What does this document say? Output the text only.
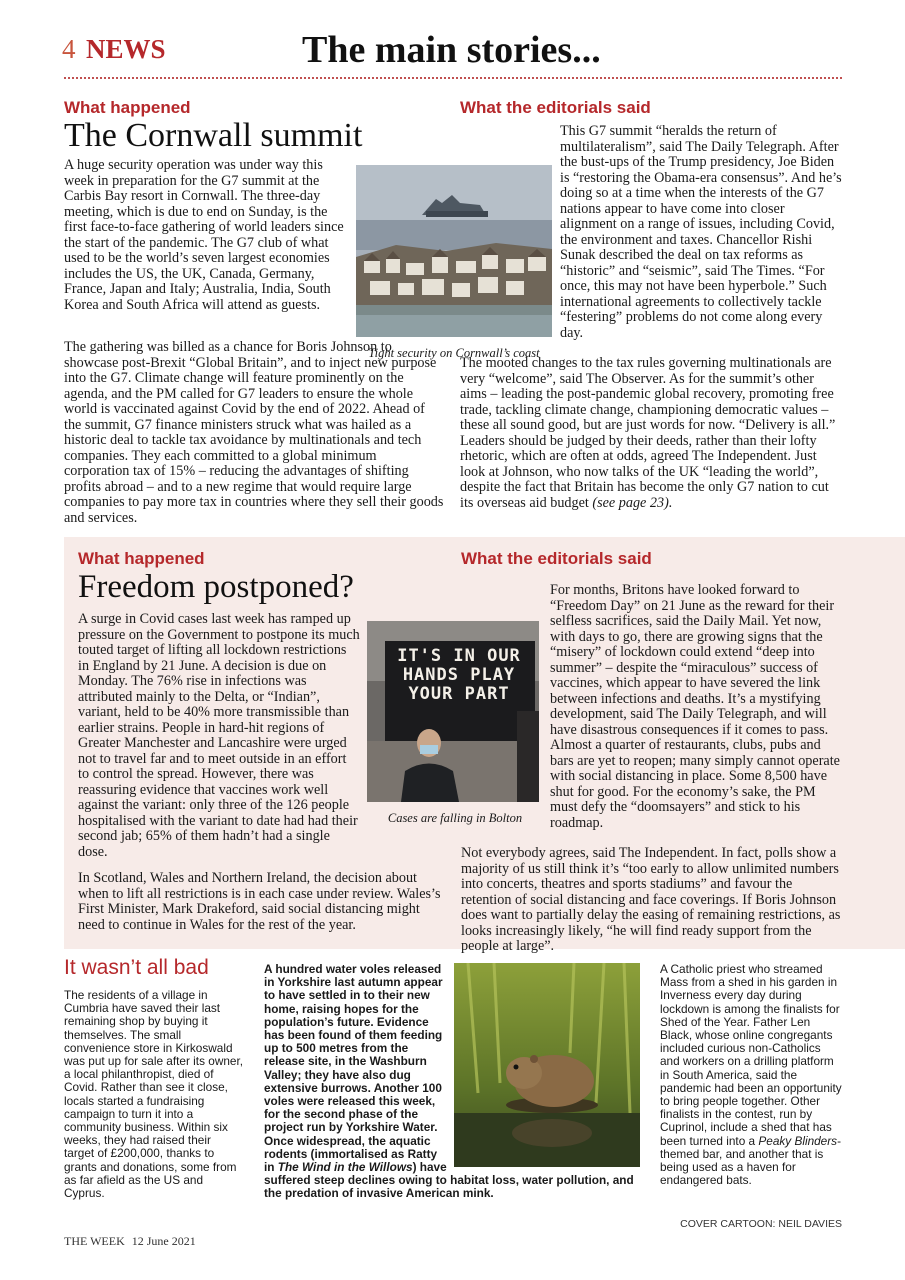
4 NEWS	The main stories...
What happened
The Cornwall summit

A huge security operation was under way this week in preparation for the G7 summit at the Carbis Bay resort in Cornwall. The three-day meeting, which is due to end on Sunday, is the first face-to-face gathering of world leaders since the start of the pandemic. The G7 club of what used to be the world’s seven largest economies includes the US, the UK, Canada, Germany, France, Japan and Italy; Australia, India, South Korea and South Africa will attend as guests.

The gathering was billed as a chance for Boris Johnson to showcase post-Brexit “Global Britain”, and to inject new purpose into the G7. Climate change will feature prominently on the agenda, and the PM called for G7 leaders to ensure the whole world is vaccinated against Covid by the end of 2022. Ahead of the summit, G7 finance ministers struck what was hailed as a historic deal to tackle tax avoidance by multinationals and tech companies. They each committed to a global minimum corporation tax of 15% – reducing the advantages of shifting profits abroad – and to a new regime that would require large companies to pay more tax in countries where they sell their goods and services.

Tight security on Cornwall’s coast
What the editorials said

This G7 summit “heralds the return of multilateralism”, said The Daily Telegraph. After the bust-ups of the Trump presidency, Joe Biden is “restoring the Obama-era consensus”. And he’s doing so at a time when the interests of the G7 nations appear to have come into closer alignment on a range of issues, including Covid, the environment and taxes. Chancellor Rishi Sunak described the deal on tax reforms as “historic” and “seismic”, said The Times. “For once, this may not have been hyperbole.” Such international agreements to collectively tackle “festering” problems do not come along every day.

The mooted changes to the tax rules governing multinationals are very “welcome”, said The Observer. As for the summit’s other aims – leading the post-pandemic global recovery, promoting free trade, tackling climate change, championing democratic values – these all sound good, but are just words for now. “Delivery is all.” Leaders should be judged by their deeds, rather than their lofty rhetoric, which are often at odds, agreed The Independent. Just look at Johnson, who now talks of the UK “leading the world”, despite the fact that Britain has become the only G7 nation to cut its overseas aid budget (see page 23).

What happened
Freedom postponed?

A surge in Covid cases last week has ramped up pressure on the Government to postpone its much touted target of lifting all lockdown restrictions in England by 21 June. A decision is due on Monday. The 76% rise in infections was attributed mainly to the Delta, or “Indian”, variant, held to be 40% more transmissible than earlier strains. People in hard-hit regions of Greater Manchester and Lancashire were urged not to travel far and to meet outside in an effort to control the spread. However, there was reassuring evidence that vaccines work well against the variant: only three of the 126 people hospitalised with the variant to date had had their second jab; 65% of them hadn’t had a single dose.

In Scotland, Wales and Northern Ireland, the decision about when to lift all restrictions is in each case under review. Wales’s First Minister, Mark Drakeford, said social distancing might need to continue in Wales for the rest of the year.

IT'S IN OUR HANDS PLAY YOUR PART
Cases are falling in Bolton
What the editorials said

For months, Britons have looked forward to “Freedom Day” on 21 June as the reward for their selfless sacrifices, said the Daily Mail. Yet now, with days to go, there are growing signs that the “misery” of lockdown could extend “deep into summer” – despite the “miraculous” success of vaccines, which appear to have severed the link between infections and deaths. It’s a mystifying development, said The Daily Telegraph, and will have disastrous consequences if it comes to pass. Almost a quarter of restaurants, clubs, pubs and bars are yet to reopen; many simply cannot operate with social distancing in place. Some 8,500 have shut for good. For the economy’s sake, the PM must defy the “doomsayers” and stick to his roadmap.

Not everybody agrees, said The Independent. In fact, polls show a majority of us still think it’s “too early to allow unlimited numbers into concerts, theatres and sports stadiums” and favour the retention of social distancing and face coverings. If Boris Johnson does want to partially delay the easing of remaining restrictions, as looks increasingly likely, “he will find ready support from the people at large”.

It wasn’t all bad
The residents of a village in Cumbria have saved their last remaining shop by buying it themselves. The small convenience store in Kirkoswald was put up for sale after its owner, a local philanthropist, died of Covid. Rather than see it close, locals started a fundraising campaign to turn it into a community business. Within six weeks, they had raised their target of £200,000, thanks to grants and donations, some from as far afield as the US and Cyprus.
A hundred water voles released in Yorkshire last autumn appear to have settled in to their new home, raising hopes for the population’s future. Evidence has been found of them feeding up to 500 metres from the release site, in the Washburn Valley; they have also dug extensive burrows. Another 100 voles were released this week, for the second phase of the project run by Yorkshire Water. Once widespread, the aquatic rodents (immortalised as Ratty in The Wind in the Willows) have suffered steep declines owing to habitat loss, water pollution, and the predation of invasive American mink.
A Catholic priest who streamed Mass from a shed in his garden in Inverness every day during lockdown is among the finalists for Shed of the Year. Father Len Black, whose online congregants included curious non-Catholics and workers on a drilling platform in South America, said the pandemic had been an opportunity to bring people together. Other finalists in the contest, run by Cuprinol, include a shed that has been turned into a Peaky Blinders-themed bar, and another that is being used as a haven for endangered bats.
COVER CARTOON: NEIL DAVIES
THE WEEK 12 June 2021
